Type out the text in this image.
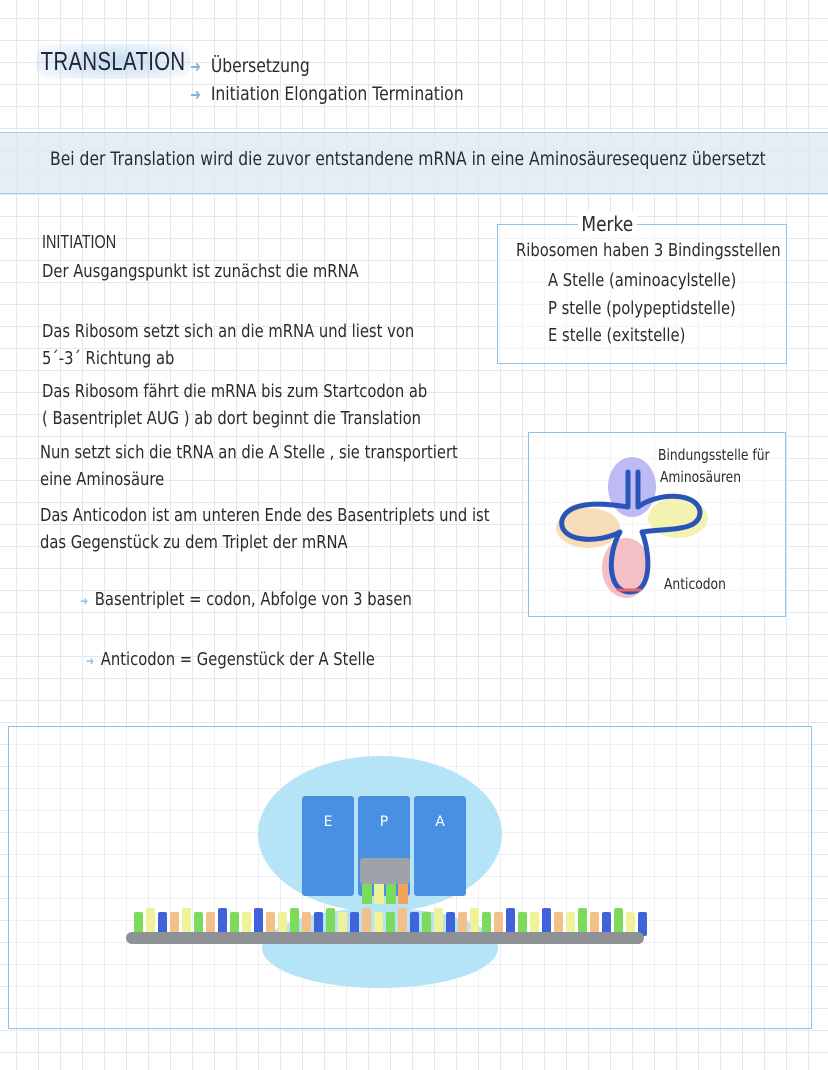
TRANSLATION ➜ Übersetzung
➜ Initiation Elongation Termination
Bei der Translation wird die zuvor entstandene mRNA in eine Aminosäuresequenz übersetzt
INITIATION
Der Ausgangspunkt ist zunächst die mRNA
Das Ribosom setzt sich an die mRNA und liest von
5´-3´ Richtung ab
Das Ribosom fährt die mRNA bis zum Startcodon ab
( Basentriplet AUG ) ab dort beginnt die Translation
Nun setzt sich die tRNA an die A Stelle , sie transportiert
eine Aminosäure
Das Anticodon ist am unteren Ende des Basentriplets und ist
das Gegenstück zu dem Triplet der mRNA
➜ Basentriplet = codon, Abfolge von 3 basen
➜ Anticodon = Gegenstück der A Stelle
Merke
Ribosomen haben 3 Bindingsstellen
A Stelle (aminoacylstelle)
P stelle (polypeptidstelle)
E stelle (exitstelle)
Bindungsstelle für
Aminosäuren
Anticodon
E	P	A
